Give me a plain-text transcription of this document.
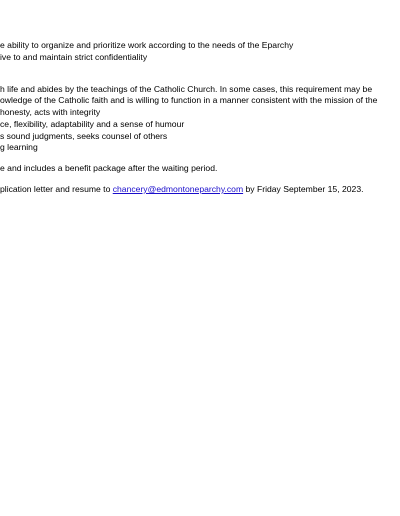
e ability to organize and prioritize work according to the needs of the Eparchy
ive to and maintain strict confidentiality
h life and abides by the teachings of the Catholic Church. In some cases, this requirement may be
owledge of the Catholic faith and is willing to function in a manner consistent with the mission of the
honesty, acts with integrity
ce, flexibility, adaptability and a sense of humour
s sound judgments, seeks counsel of others
g learning
e and includes a benefit package after the waiting period.
plication letter and resume to chancery@edmontoneparchy.com by Friday September 15, 2023.
